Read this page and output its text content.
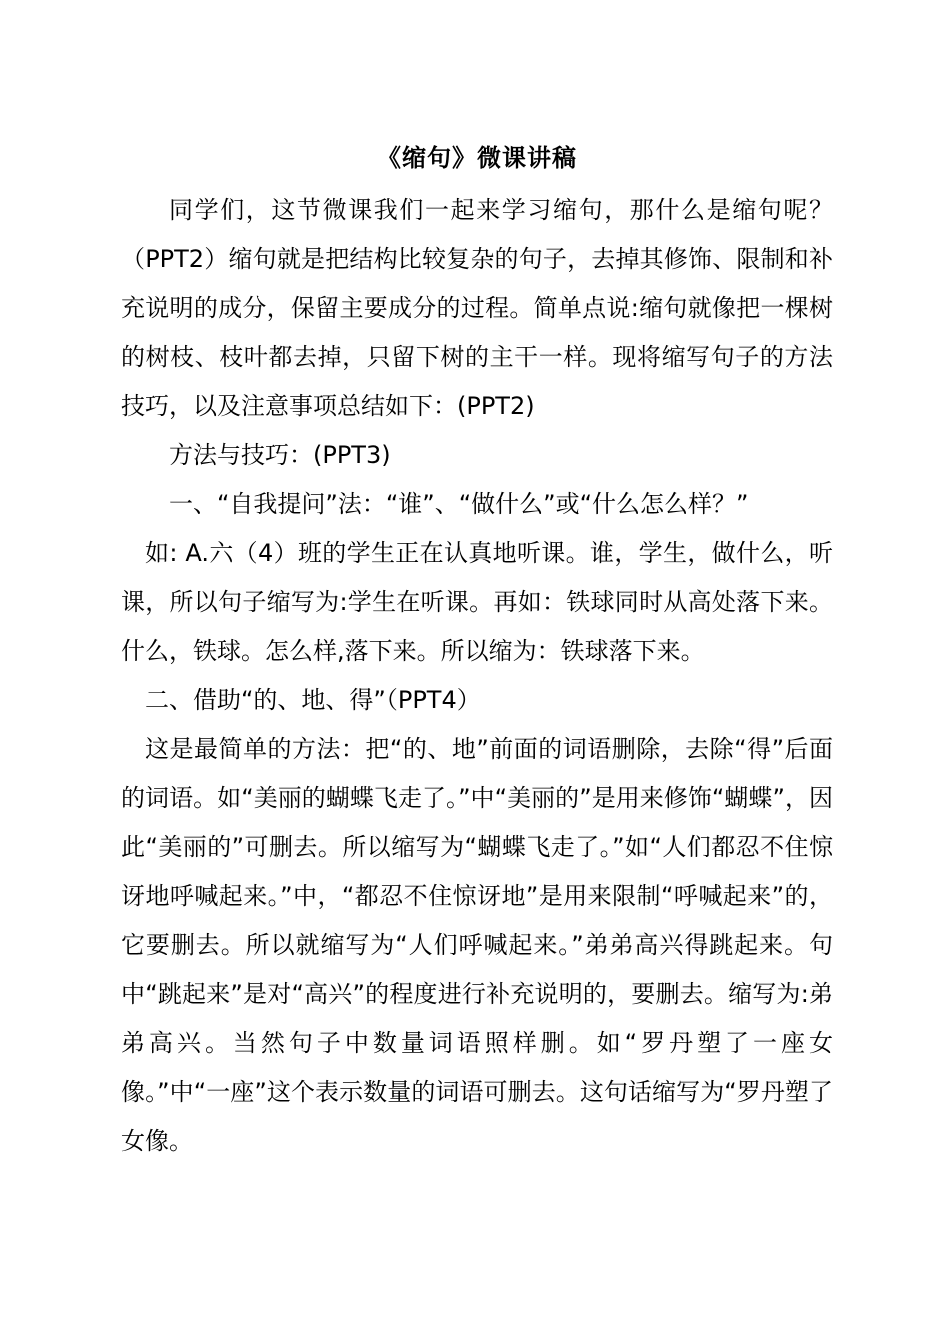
《缩句》微课讲稿

同学们，这节微课我们一起来学习缩句，那什么是缩句呢？（PPT2）缩句就是把结构比较复杂的句子，去掉其修饰、限制和补充说明的成分，保留主要成分的过程。简单点说:缩句就像把一棵树的树枝、枝叶都去掉，只留下树的主干一样。现将缩写句子的方法技巧，以及注意事项总结如下：(PPT2)

方法与技巧：(PPT3)

一、“自我提问”法：“谁”、“做什么”或“什么怎么样？”

如: A.六（4）班的学生正在认真地听课。谁，学生，做什么，听课，所以句子缩写为:学生在听课。再如：铁球同时从高处落下来。什么，铁球。怎么样,落下来。所以缩为：铁球落下来。

二、借助“的、地、得”（PPT4）

这是最简单的方法：把“的、地”前面的词语删除，去除“得”后面的词语。如“美丽的蝴蝶飞走了。”中“美丽的”是用来修饰“蝴蝶”，因此“美丽的”可删去。所以缩写为“蝴蝶飞走了。”如“人们都忍不住惊讶地呼喊起来。”中，“都忍不住惊讶地”是用来限制“呼喊起来”的，它要删去。所以就缩写为“人们呼喊起来。”弟弟高兴得跳起来。句中“跳起来”是对“高兴”的程度进行补充说明的，要删去。缩写为:弟弟高兴。当然句子中数量词语照样删。如“罗丹塑了一座女像。”中“一座”这个表示数量的词语可删去。这句话缩写为“罗丹塑了女像。
